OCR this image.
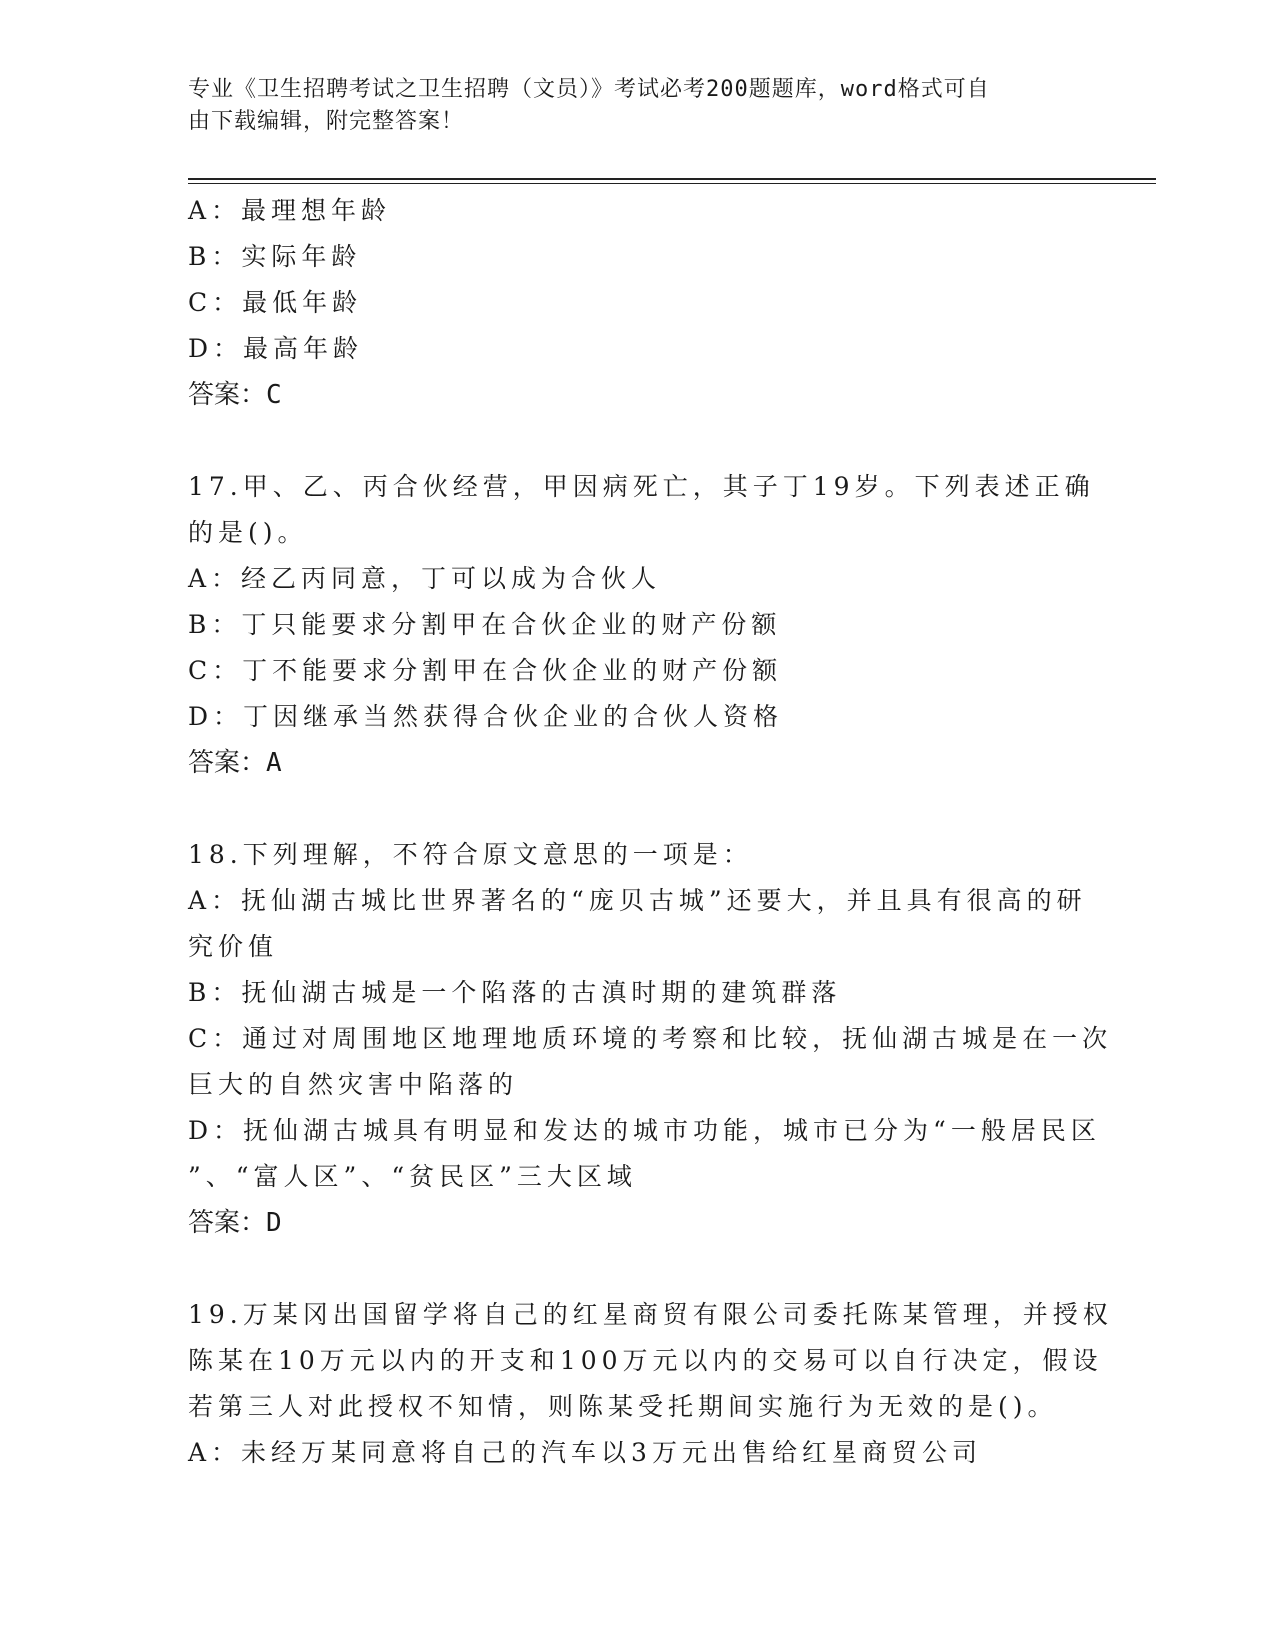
专业《卫生招聘考试之卫生招聘（文员）》考试必考200题题库，word格式可自
由下载编辑，附完整答案！
A：最理想年龄
B：实际年龄
C：最低年龄
D：最高年龄
答案：C
17.甲、乙、丙合伙经营，甲因病死亡，其子丁19岁。下列表述正确
的是()。
A：经乙丙同意，丁可以成为合伙人
B：丁只能要求分割甲在合伙企业的财产份额
C：丁不能要求分割甲在合伙企业的财产份额
D：丁因继承当然获得合伙企业的合伙人资格
答案：A
18.下列理解，不符合原文意思的一项是：
A：抚仙湖古城比世界著名的“庞贝古城”还要大，并且具有很高的研
究价值
B：抚仙湖古城是一个陷落的古滇时期的建筑群落
C：通过对周围地区地理地质环境的考察和比较，抚仙湖古城是在一次
巨大的自然灾害中陷落的
D：抚仙湖古城具有明显和发达的城市功能，城市已分为“一般居民区
”、“富人区”、“贫民区”三大区域
答案：D
19.万某冈出国留学将自己的红星商贸有限公司委托陈某管理，并授权
陈某在10万元以内的开支和100万元以内的交易可以自行决定，假设
若第三人对此授权不知情，则陈某受托期间实施行为无效的是()。
A：未经万某同意将自己的汽车以3万元出售给红星商贸公司
